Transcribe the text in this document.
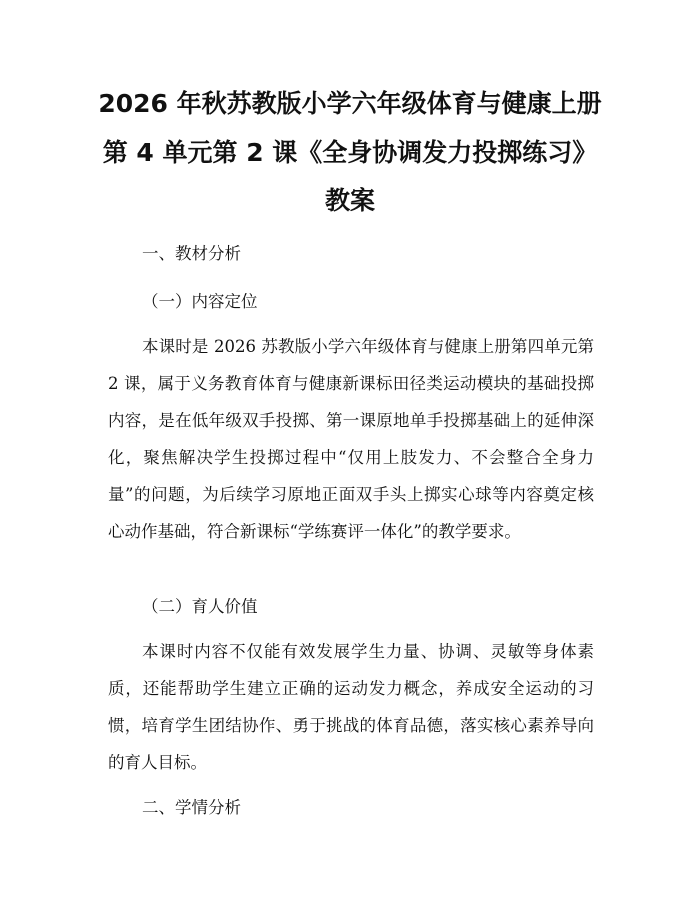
2026 年秋苏教版小学六年级体育与健康上册
第 4 单元第 2 课《全身协调发力投掷练习》
教案
一、教材分析
（一）内容定位
本课时是 2026 苏教版小学六年级体育与健康上册第四单元第 2 课，属于义务教育体育与健康新课标田径类运动模块的基础投掷内容，是在低年级双手投掷、第一课原地单手投掷基础上的延伸深化，聚焦解决学生投掷过程中“仅用上肢发力、不会整合全身力量”的问题，为后续学习原地正面双手头上掷实心球等内容奠定核心动作基础，符合新课标“学练赛评一体化”的教学要求。
（二）育人价值
本课时内容不仅能有效发展学生力量、协调、灵敏等身体素质，还能帮助学生建立正确的运动发力概念，养成安全运动的习惯，培育学生团结协作、勇于挑战的体育品德，落实核心素养导向的育人目标。
二、学情分析
